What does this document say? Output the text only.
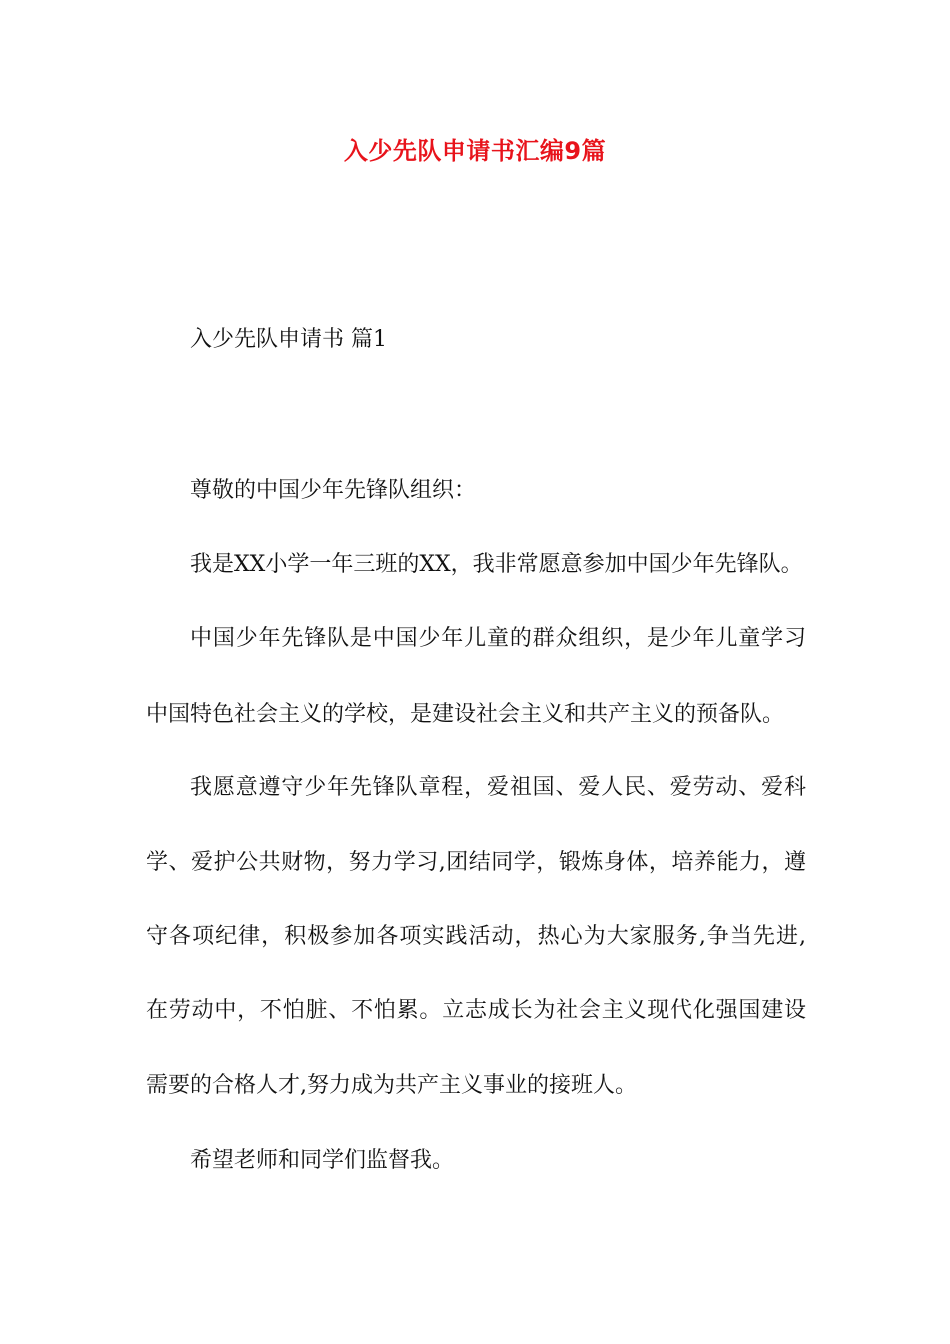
入少先队申请书汇编9篇
入少先队申请书 篇1
尊敬的中国少年先锋队组织：
我是XX小学一年三班的XX，我非常愿意参加中国少年先锋队。
中国少年先锋队是中国少年儿童的群众组织，是少年儿童学习
中国特色社会主义的学校，是建设社会主义和共产主义的预备队。
我愿意遵守少年先锋队章程，爱祖国、爱人民、爱劳动、爱科
学、爱护公共财物，努力学习,团结同学，锻炼身体，培养能力，遵
守各项纪律，积极参加各项实践活动，热心为大家服务,争当先进,
在劳动中，不怕脏、不怕累。立志成长为社会主义现代化强国建设
需要的合格人才,努力成为共产主义事业的接班人。
希望老师和同学们监督我。
